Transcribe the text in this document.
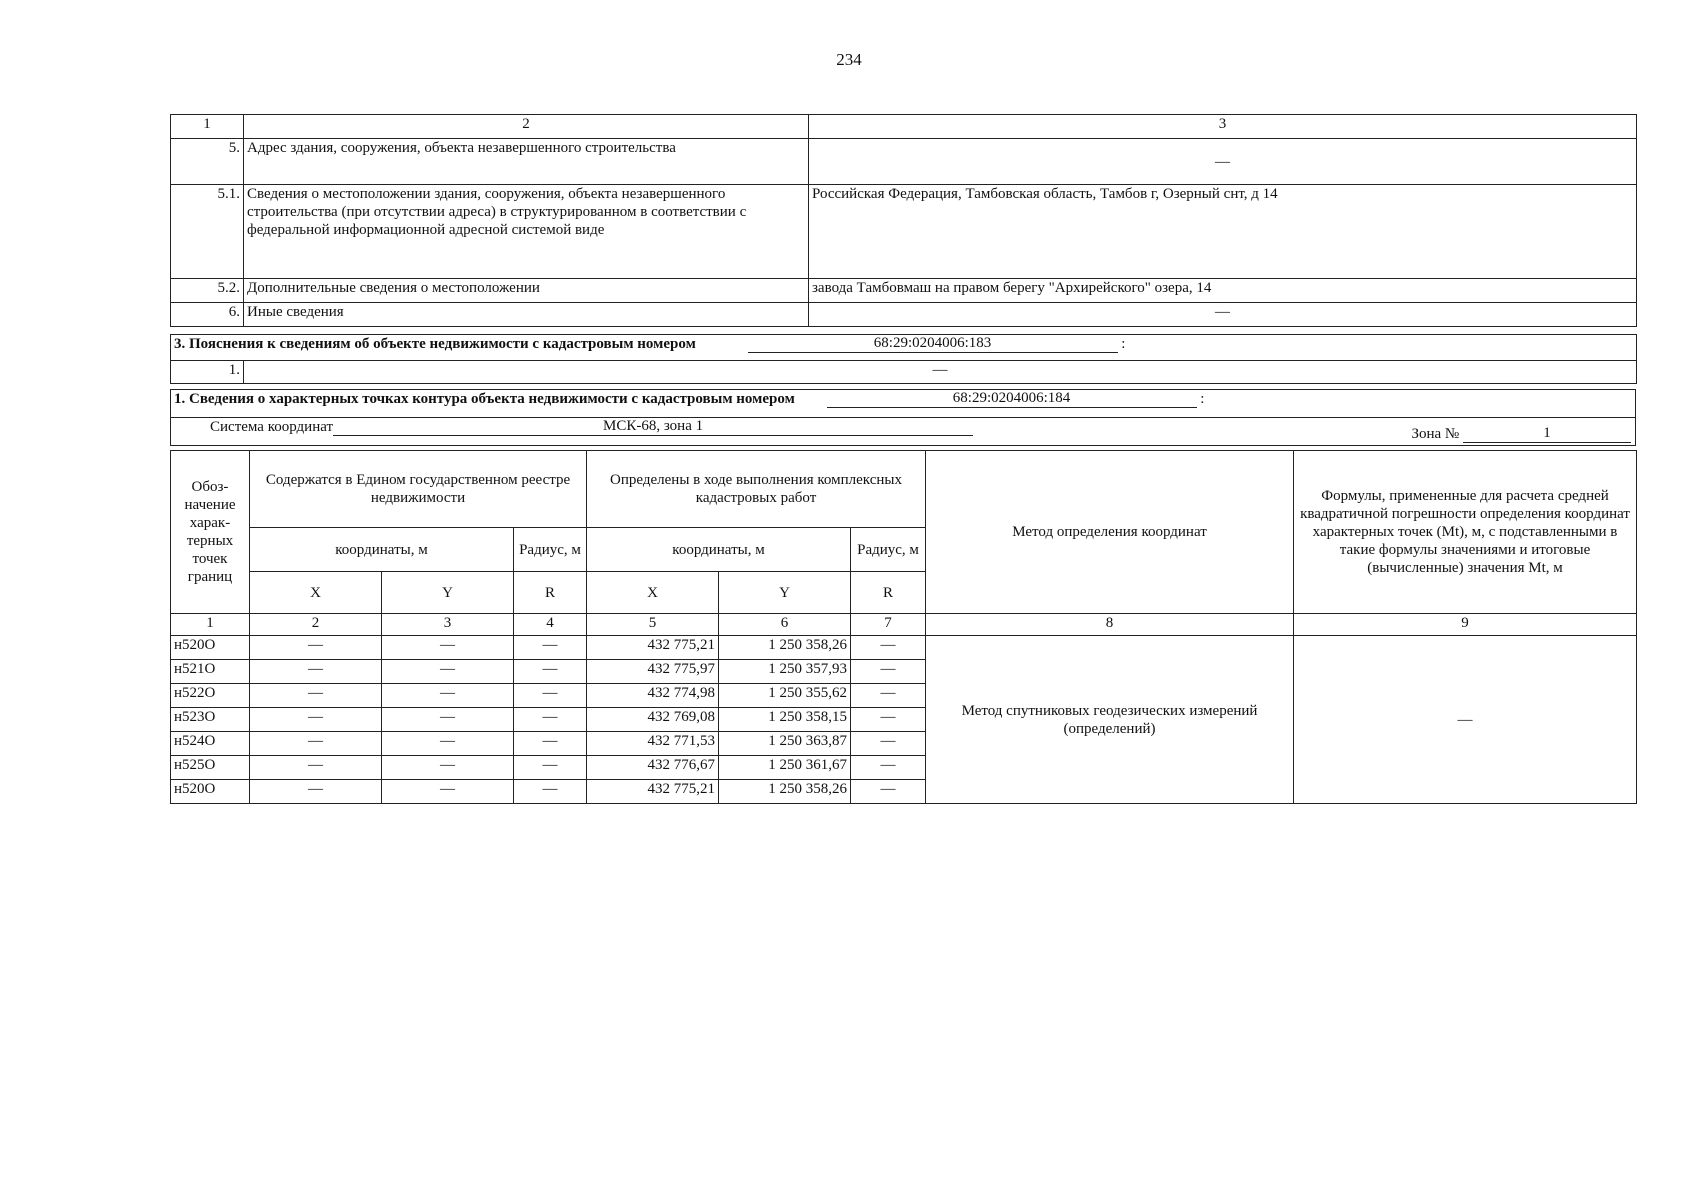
234
1	2	3
5.	Адрес здания, сооружения, объекта незавершенного строительства	—
5.1.	Сведения о местоположении здания, сооружения, объекта незавершенного строительства (при отсутствии адреса) в структурированном в соответствии с федеральной информационной адресной системой виде	Российская Федерация, Тамбовская область, Тамбов г, Озерный снт, д 14
5.2.	Дополнительные сведения о местоположении	завода Тамбовмаш на правом берегу "Архирейского" озера, 14
6.	Иные сведения	—
3. Пояснения к сведениям об объекте недвижимости с кадастровым номером	68:29:0204006:183	:
1.	—
1. Сведения о характерных точках контура объекта недвижимости с кадастровым номером	68:29:0204006:184	:
Система координат	МСК-68, зона 1	Зона №	1
Обоз-начение харак-терных точек границ	Содержатся в Едином государственном реестре недвижимости			Определены в ходе выполнения комплексных кадастровых работ			Метод определения координат	Формулы, примененные для расчета средней квадратичной погрешности определения координат характерных точек (Mt), м, с подставленными в такие формулы значениями и итоговые (вычисленные) значения Mt, м
	координаты, м		Радиус, м	координаты, м		Радиус, м		
	X	Y	R	X	Y	R		
1	2	3	4	5	6	7	8	9
н520О	—	—	—	432 775,21	1 250 358,26	—	Метод спутниковых геодезических измерений (определений)	—
н521О	—	—	—	432 775,97	1 250 357,93	—		
н522О	—	—	—	432 774,98	1 250 355,62	—		
н523О	—	—	—	432 769,08	1 250 358,15	—		
н524О	—	—	—	432 771,53	1 250 363,87	—		
н525О	—	—	—	432 776,67	1 250 361,67	—		
н520О	—	—	—	432 775,21	1 250 358,26	—		
